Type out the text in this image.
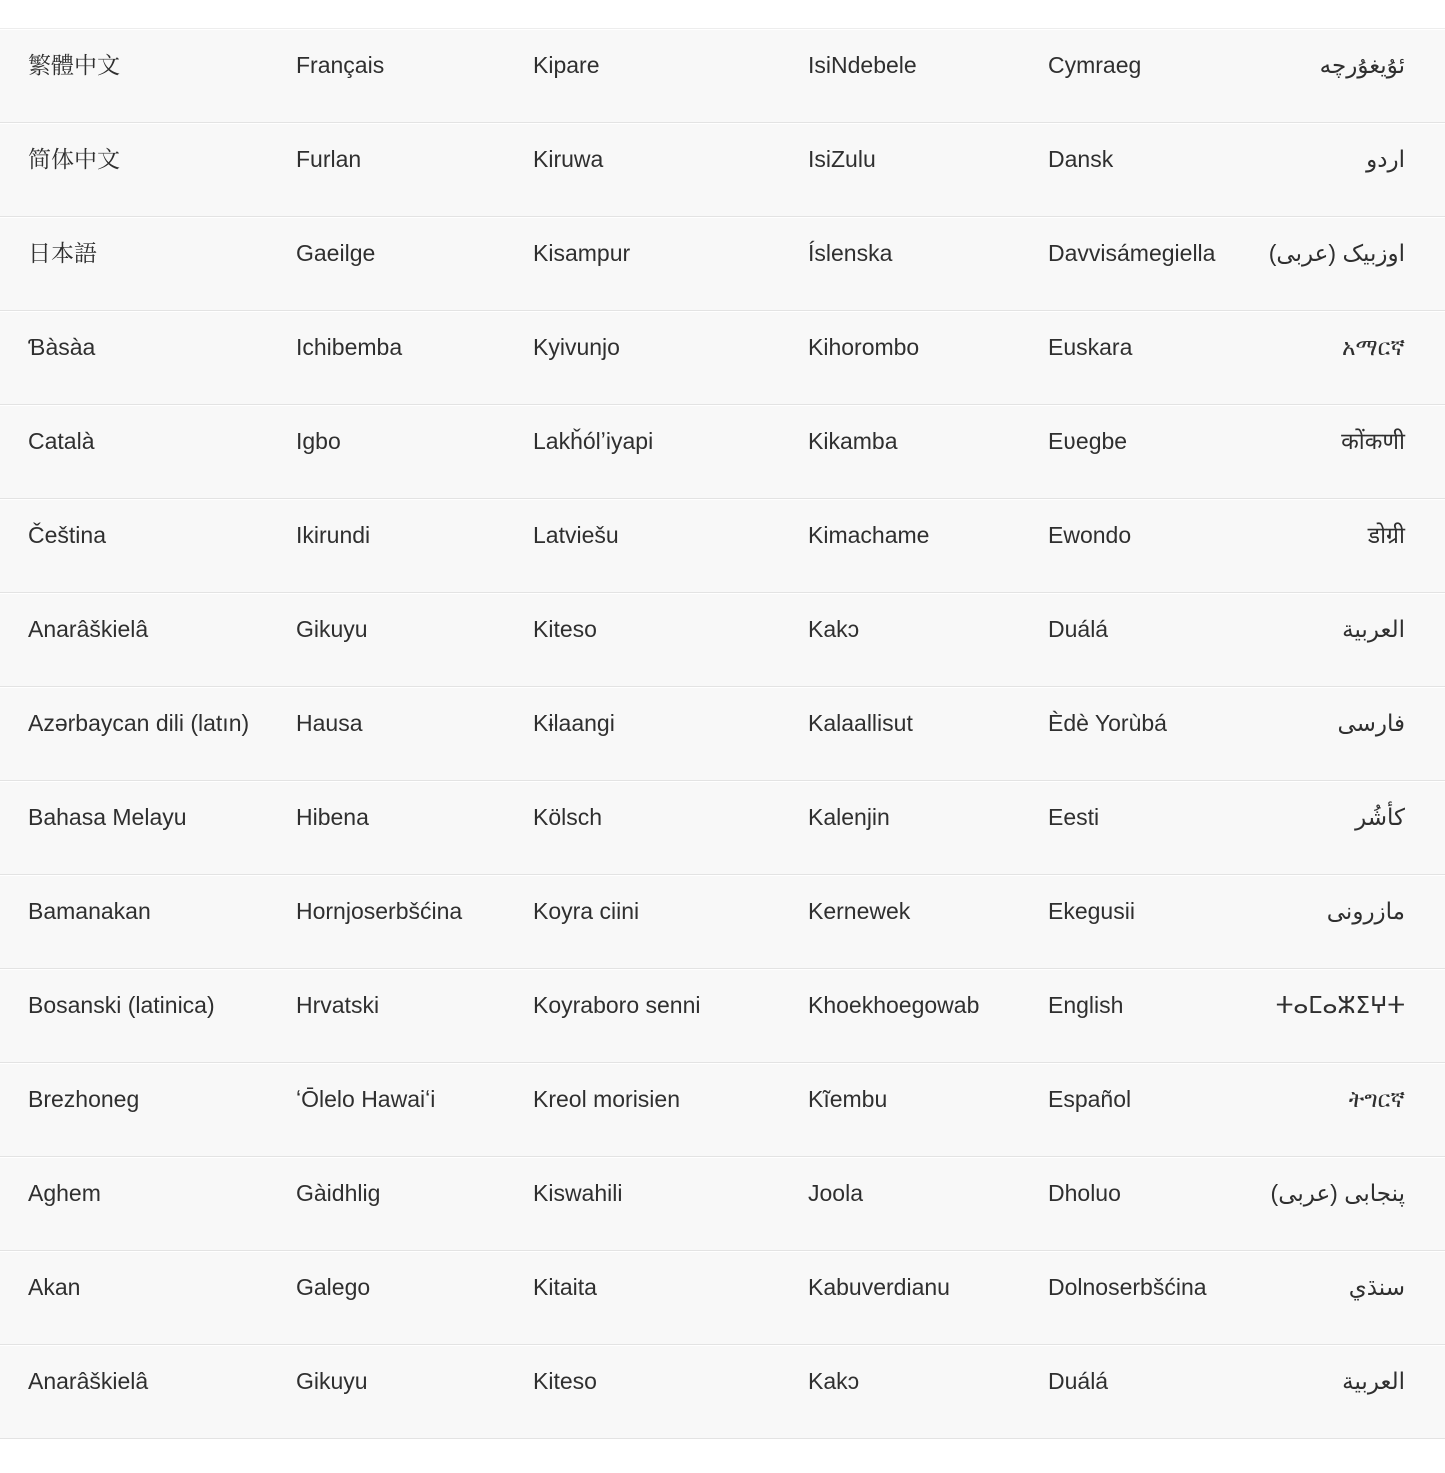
繁體中文	Français	Kipare	IsiNdebele	Cymraeg	ئۇيغۇرچە
简体中文	Furlan	Kiruwa	IsiZulu	Dansk	اردو
日本語	Gaeilge	Kisampur	Íslenska	Davvisámegiella	اوزبیک (عربی)
Ɓàsàa	Ichibemba	Kyivunjo	Kihorombo	Euskara	አማርኛ
Català	Igbo	Lakȟólʼiyapi	Kikamba	Eʋegbe	कोंकणी
Čeština	Ikirundi	Latviešu	Kimachame	Ewondo	डोग्री
Anarâškielâ	Gikuyu	Kiteso	Kakɔ	Duálá	العربية
Azərbaycan dili (latın)	Hausa	Kɨlaangi	Kalaallisut	Èdè Yorùbá	فارسی
Bahasa Melayu	Hibena	Kölsch	Kalenjin	Eesti	كأشُر
Bamanakan	Hornjoserbšćina	Koyra ciini	Kernewek	Ekegusii	مازرونی
Bosanski (latinica)	Hrvatski	Koyraboro senni	Khoekhoegowab	English	ⵜⴰⵎⴰⵣⵉⵖⵜ
Brezhoneg	ʻŌlelo Hawaiʻi	Kreol morisien	Kĩembu	Español	ትግርኛ
Aghem	Gàidhlig	Kiswahili	Joola	Dholuo	پنجابی (عربی)
Akan	Galego	Kitaita	Kabuverdianu	Dolnoserbšćina	سنڌي
Anarâškielâ	Gikuyu	Kiteso	Kakɔ	Duálá	العربية
